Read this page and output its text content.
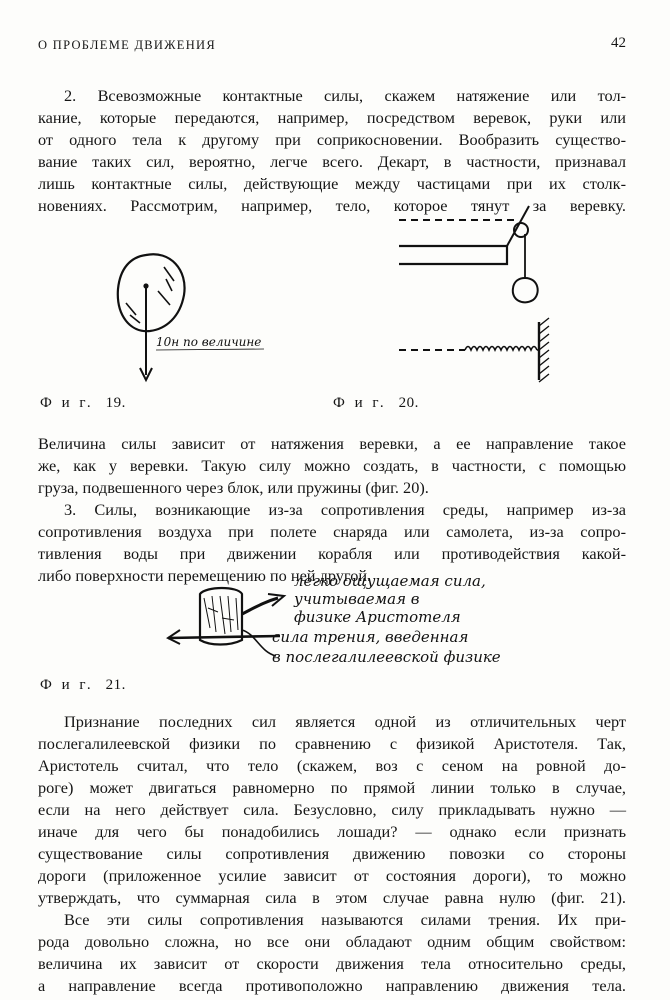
О ПРОБЛЕМЕ ДВИЖЕНИЯ	42

2. Всевозможные контактные силы, скажем натяжение или тол-
кание, которые передаются, например, посредством веревок, руки или
от одного тела к другому при соприкосновении. Вообразить существо-
вание таких сил, вероятно, легче всего. Декарт, в частности, признавал
лишь контактные силы, действующие между частицами при их столк-
новениях. Рассмотрим, например, тело, которое тянут за веревку.

10н по величине
Ф и г. 19.	Ф и г. 20.

Величина силы зависит от натяжения веревки, а ее направление такое
же, как у веревки. Такую силу можно создать, в частности, с помощью
груза, подвешенного через блок, или пружины (фиг. 20).
3. Силы, возникающие из-за сопротивления среды, например из-за
сопротивления воздуха при полете снаряда или самолета, из-за сопро-
тивления воды при движении корабля или противодействия какой-
либо поверхности перемещению по ней другой.

легко ощущаемая сила,
учитываемая в
физике Аристотеля
сила трения, введенная
в послегалилеевской физике
Ф и г. 21.

Признание последних сил является одной из отличительных черт
послегалилеевской физики по сравнению с физикой Аристотеля. Так,
Аристотель считал, что тело (скажем, воз с сеном на ровной до-
роге) может двигаться равномерно по прямой линии только в случае,
если на него действует сила. Безусловно, силу прикладывать нужно —
иначе для чего бы понадобились лошади? — однако если признать
существование силы сопротивления движению повозки со стороны
дороги (приложенное усилие зависит от состояния дороги), то можно
утверждать, что суммарная сила в этом случае равна нулю (фиг. 21).
Все эти силы сопротивления называются силами трения. Их при-
рода довольно сложна, но все они обладают одним общим свойством:
величина их зависит от скорости движения тела относительно среды,
а направление всегда противоположно направлению движения тела.
